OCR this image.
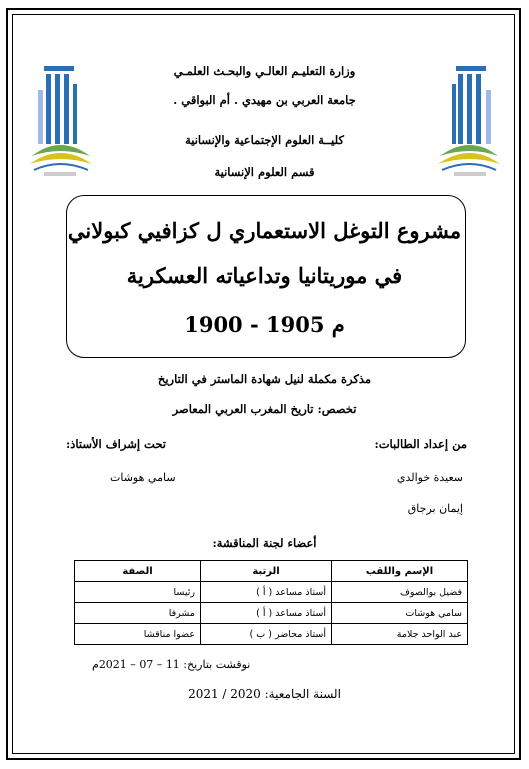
وزارة التعليـم العالـي والبحـث العلمـي
جامعة العربي بن مهيدي . أم البواقي .
كليــة العلوم الإجتماعية والإنسانية
قسم العلوم الإنسانية
مشروع التوغل الاستعماري ل كزافيي كبولاني
في موريتانيا وتداعياته العسكرية
1900 - 1905 م
مذكرة مكملة لنيل شهادة الماستر في التاريخ
تخصص: تاريخ المغرب العربي المعاصر
من إعداد الطالبات:
تحت إشراف الأستاذ:
سعيدة خوالدي
سامي هوشات
إيمان برجاق
أعضاء لجنة المناقشة:
الإسم واللقب	الرتبة	الصفة
فضيل بوالصوف	أستاذ مساعد ( أ )	رئيسا
سامي هوشات	أستاذ مساعد ( أ )	مشرفا
عبد الواحد جلامة	أستاذ محاضر ( ب )	عضوا مناقشا
نوقشت بتاريخ: 11 – 07 – 2021م
السنة الجامعية: 2020 / 2021
